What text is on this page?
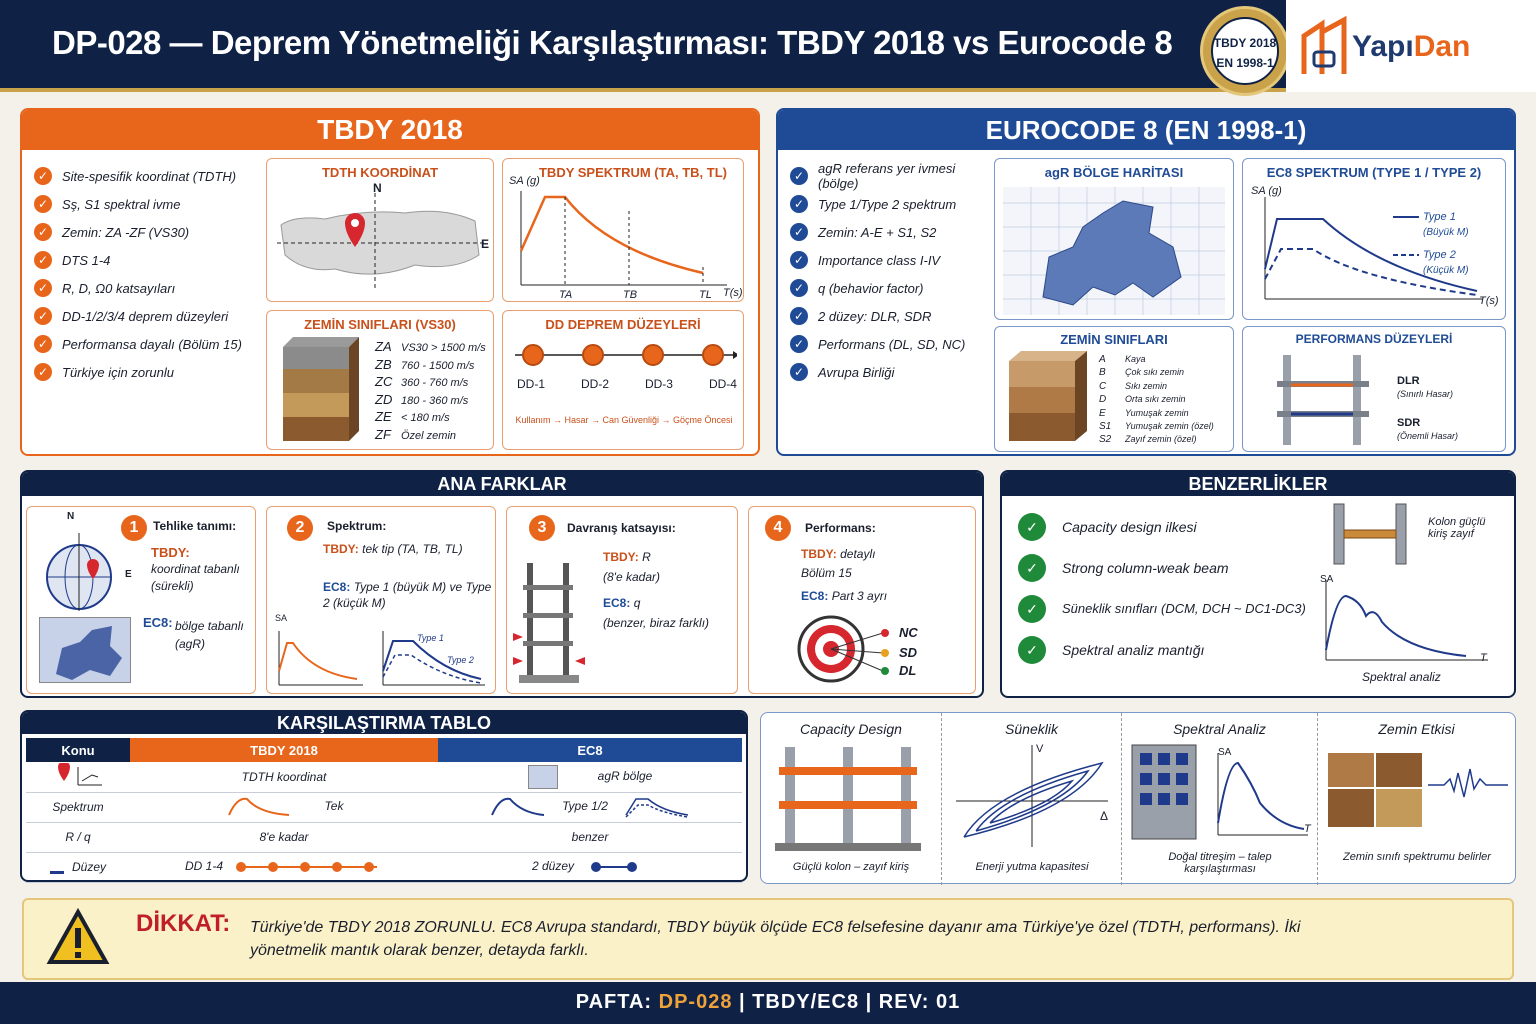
DP-028 — Deprem Yönetmeliği Karşılaştırması: TBDY 2018 vs Eurocode 8	TBDY 2018
EN 1998-1	YapıDan
TBDY 2018
✓	Site-spesifik koordinat (TDTH)
✓	Sş, S1 spektral ivme
✓	Zemin: ZA -ZF (VS30)
✓	DTS 1-4
✓	R, D, Ω0 katsayıları
✓	DD-1/2/3/4 deprem düzeyleri
✓	Performansa dayalı (Bölüm 15)
✓	Türkiye için zorunlu
TDTH KOORDİNAT
N
E
TBDY SPEKTRUM (TA, TB, TL)
SA (g)
T(s)
TA	TB	TL
ZEMİN SINIFLARI (VS30)
ZA VS30 > 1500 m/s
ZB 760 - 1500 m/s
ZC 360 - 760 m/s
ZD 180 - 360 m/s
ZE < 180 m/s
ZF Özel zemin
DD DEPREM DÜZEYLERİ
DD-1	DD-2	DD-3	DD-4
Kullanım → Hasar → Can Güvenliği → Göçme Öncesi
EUROCODE 8 (EN 1998-1)
✓	agR referans yer ivmesi (bölge)
✓	Type 1/Type 2 spektrum
✓	Zemin: A-E + S1, S2
✓	Importance class I-IV
✓	q (behavior factor)
✓	2 düzey: DLR, SDR
✓	Performans (DL, SD, NC)
✓	Avrupa Birliği
agR BÖLGE HARİTASI	EC8 SPEKTRUM (TYPE 1 / TYPE 2)
SA (g)
T(s)
Type 1
(Büyük M)
Type 2
(Küçük M)
ZEMİN SINIFLARI
A Kaya
B Çok sıkı zemin
C Sıkı zemin
D Orta sıkı zemin
E Yumuşak zemin
S1 Yumuşak zemin (özel)
S2 Zayıf zemin (özel)
PERFORMANS DÜZEYLERİ
DLR
(Sınırlı Hasar)
SDR
(Önemli Hasar)
ANA FARKLAR
1	Tehlike tanımı:
N
E
TBDY:
koordinat tabanlı (sürekli)
EC8: bölge tabanlı (agR)
2	Spektrum:
TBDY: tek tip (TA, TB, TL)
EC8: Type 1 (büyük M) ve Type 2 (küçük M)
SA
Type 1
Type 2
3	Davranış katsayısı:
TBDY: R
(8'e kadar)
EC8: q
(benzer, biraz farklı)
4	Performans:
TBDY: detaylı
Bölüm 15
EC8: Part 3 ayrı
NC
SD
DL
BENZERLİKLER
✓	Capacity design ilkesi
✓	Strong column-weak beam
✓	Süneklik sınıfları (DCM, DCH ~ DC1-DC3)
✓	Spektral analiz mantığı
Kolon güçlü kiriş zayıf
SA
T
Spektral analiz
KARŞILAŞTIRMA TABLO
Konu	TBDY 2018	EC8
	TDTH koordinat	agR bölge
Spektrum	Tek	Type 1/2
R / q	8'e kadar	benzer
Düzey	DD 1-4	2 düzey
Capacity Design
Güçlü kolon – zayıf kiriş
Süneklik
V
Δ
Enerji yutma kapasitesi
Spektral Analiz
SA
T
Doğal titreşim – talep karşılaştırması
Zemin Etkisi
Zemin sınıfı spektrumu belirler
DİKKAT: Türkiye'de TBDY 2018 ZORUNLU. EC8 Avrupa standardı, TBDY büyük ölçüde EC8 felsefesine dayanır ama Türkiye'ye özel (TDTH, performans). İki yönetmelik mantık olarak benzer, detayda farklı.
PAFTA: DP-028 | TBDY/EC8 | REV: 01
